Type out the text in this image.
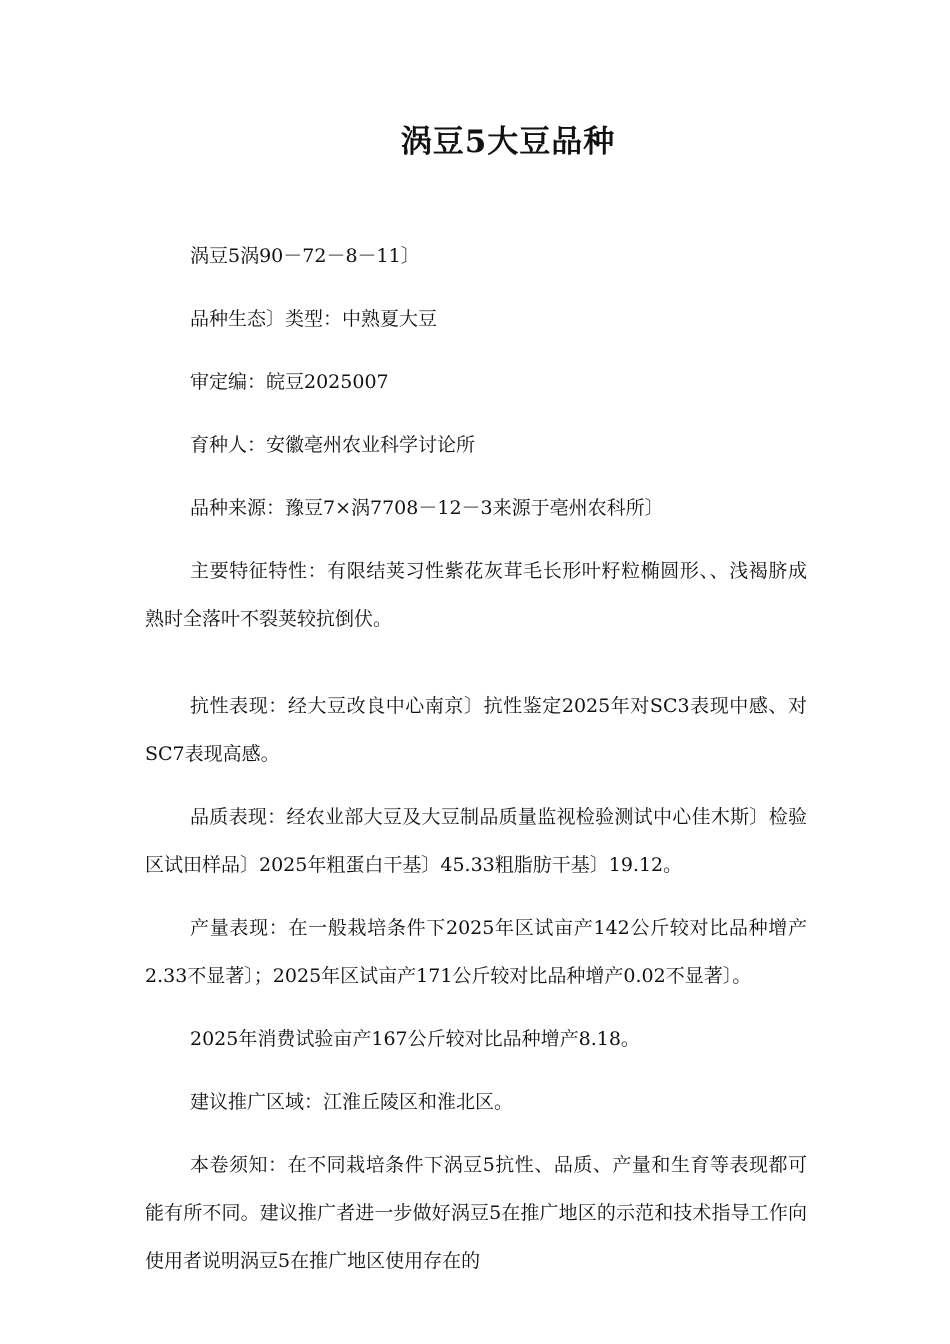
涡豆5大豆品种

涡豆5涡90－72－8－11〕

品种生态〕类型：中熟夏大豆

审定编：皖豆2025007

育种人：安徽亳州农业科学讨论所

品种来源：豫豆7×涡7708－12－3来源于亳州农科所〕

主要特征特性：有限结荚习性紫花灰茸毛长形叶籽粒椭圆形、、浅褐脐成熟时全落叶不裂荚较抗倒伏。

抗性表现：经大豆改良中心南京〕抗性鉴定2025年对SC3表现中感、对SC7表现高感。

品质表现：经农业部大豆及大豆制品质量监视检验测试中心佳木斯〕检验区试田样品〕2025年粗蛋白干基〕45.33粗脂肪干基〕19.12。

产量表现：在一般栽培条件下2025年区试亩产142公斤较对比品种增产2.33不显著〕；2025年区试亩产171公斤较对比品种增产0.02不显著〕。

2025年消费试验亩产167公斤较对比品种增产8.18。

建议推广区域：江淮丘陵区和淮北区。

本卷须知：在不同栽培条件下涡豆5抗性、品质、产量和生育等表现都可能有所不同。建议推广者进一步做好涡豆5在推广地区的示范和技术指导工作向使用者说明涡豆5在推广地区使用存在的
